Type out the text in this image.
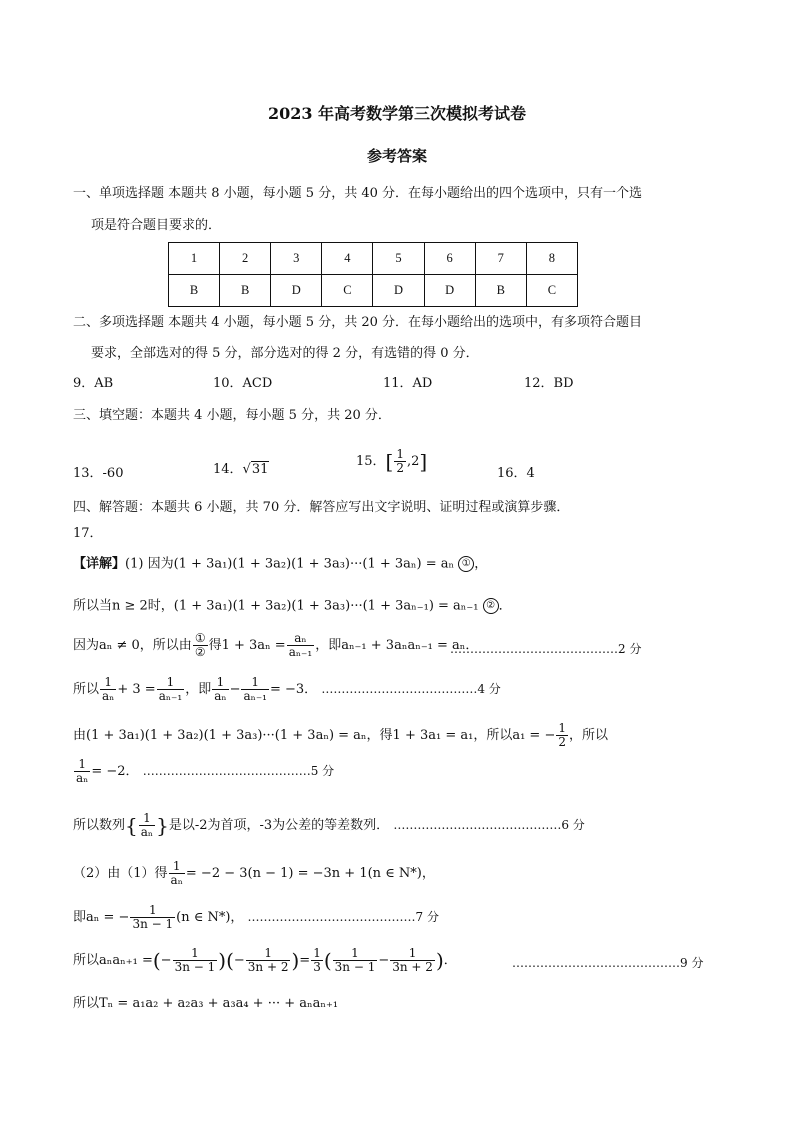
2023 年高考数学第三次模拟考试卷
参考答案
一、单项选择题 本题共 8 小题，每小题 5 分，共 40 分．在每小题给出的四个选项中，只有一个选
项是符合题目要求的．
1	2	3	4	5	6	7	8
B	B	D	C	D	D	B	C
二、多项选择题 本题共 4 小题，每小题 5 分，共 20 分．在每小题给出的选项中，有多项符合题目
要求，全部选对的得 5 分，部分选对的得 2 分，有选错的得 0 分．
9．AB	10．ACD	11．AD	12．BD
三、填空题：本题共 4 小题，每小题 5 分，共 20 分．
13．-60	14．√31
15．[ $\frac{1}{2} ,2$]	16．4
四、解答题：本题共 6 小题，共 70 分．解答应写出文字说明、证明过程或演算步骤．
17．
【详解】(1) 因为(1 + 3a₁)(1 + 3a₂)(1 + 3a₃)···(1 + 3aₙ) = aₙ ① ，
所以当n ≥ 2时，(1 + 3a₁)(1 + 3a₂)(1 + 3a₃)···(1 + 3aₙ₋₁) = aₙ₋₁ ② ．
因为aₙ ≠ 0，所以由 $\frac{\text{①}}{\text{②}}$ 得$1 + 3a_n = \frac{\text{aₙ}}{\text{aₙ₋₁}}$ ，即aₙ₋₁ + 3aₙaₙ₋₁ = aₙ．
……………………………………2 分
所以 $\frac{1}{\text{aₙ}} + 3 = \frac{1}{\text{aₙ₋₁}}$ ，即 $\frac{1}{\text{aₙ}} - \frac{1}{\text{aₙ₋₁}} = -3$． …………………………………4 分
由(1 + 3a₁)(1 + 3a₂)(1 + 3a₃)···(1 + 3aₙ) = aₙ，得1 + 3a₁ = a₁，所以a₁ = − $\frac{1}{2}$ ，所以
$\frac{1}{\text{aₙ}} = -2$． ……………………………………5 分
所以数列{ $\frac{1}{\text{aₙ}}$ }是以-2为首项，-3为公差的等差数列． ……………………………………6 分
（2）由（1）得 $\frac{1}{\text{aₙ}} = -2 - 3(n - 1) = -3n + 1(n$ ∈ N*)，
即aₙ = − $\frac{1}{3n - 1} (n$ ∈ N*)， ……………………………………7 分
所以aₙaₙ₊₁ =(− $\frac{1}{3n - 1}$ )(− $\frac{1}{3n + 2}$ )= $\frac{1}{3}$ ( $\frac{1}{3n - 1} - \frac{1}{3n + 2}$ )．	……………………………………9 分
所以Tₙ = a₁a₂ + a₂a₃ + a₃a₄ + ··· + aₙaₙ₊₁
